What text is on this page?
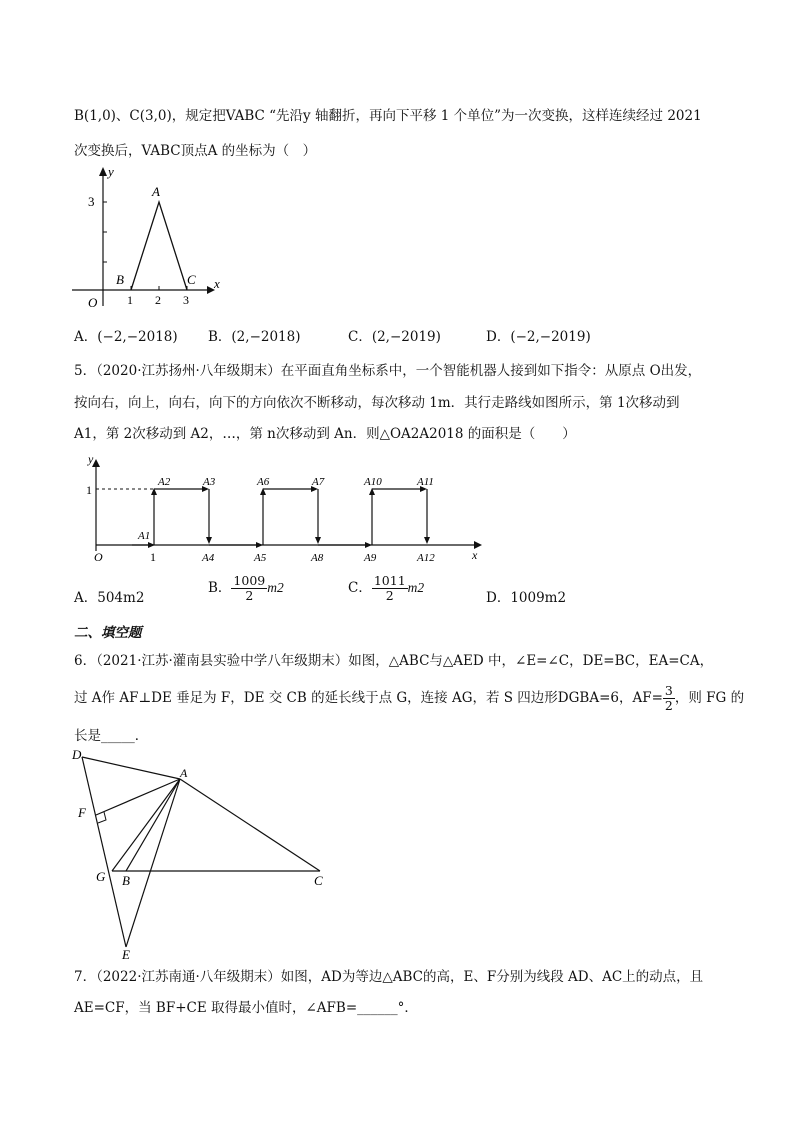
B(1,0)、C(3,0)，规定把VABC “先沿y 轴翻折，再向下平移 1 个单位”为一次变换，这样连续经过 2021
次变换后，VABC顶点A 的坐标为（　）
y
x
A
B	C
O
3
1 2 3
A．(−2,−2018) B．(2,−2018)	C．(2,−2019)	D．(−2,−2019)
5．（2020·江苏扬州·八年级期末）在平面直角坐标系中，一个智能机器人接到如下指令：从原点 O出发，
按向右，向上，向右，向下的方向依次不断移动，每次移动 1m．其行走路线如图所示，第 1次移动到
A1，第 2次移动到 A2，…，第 n次移动到 An．则△OA2A2018 的面积是（　　）
y
x
O
1
1
A1
A2	A3
A4	A5
A6	A7
A8	A9
A10	A11
A12
A．504m2
B． $\frac{1009}{2} m2$	C． $\frac{1011}{2} m2$
D．1009m2
二、填空题
6．（2021·江苏·灌南县实验中学八年级期末）如图，△ABC与△AED 中，∠E=∠C，DE=BC，EA=CA，
过 A作 AF⊥DE 垂足为 F，DE 交 CB 的延长线于点 G，连接 AG，若 S 四边形DGBA=6，$AF= \frac{3}{2}$ ，则 FG 的
长是_____．
D
A
F
G B	C
E
7．（2022·江苏南通·八年级期末）如图，AD为等边△ABC的高，E、F分别为线段 AD、AC上的动点，且
AE=CF，当 BF+CE 取得最小值时，∠AFB=______°．
